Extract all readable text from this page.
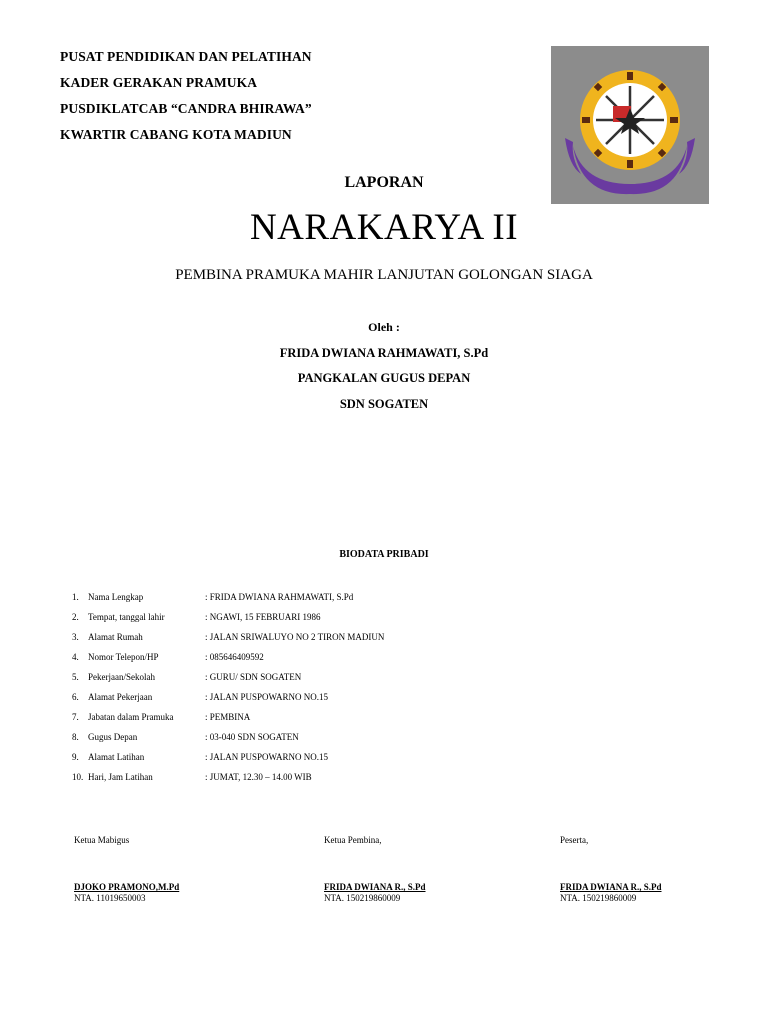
PUSAT PENDIDIKAN DAN PELATIHAN

KADER GERAKAN PRAMUKA

PUSDIKLATCAB “CANDRA BHIRAWA”

KWARTIR CABANG KOTA MADIUN

LAPORAN
NARAKARYA II
PEMBINA PRAMUKA MAHIR LANJUTAN GOLONGAN SIAGA
Oleh :
FRIDA DWIANA RAHMAWATI, S.Pd
PANGKALAN GUGUS DEPAN
SDN SOGATEN
BIODATA PRIBADI
1.	Nama Lengkap	: FRIDA DWIANA RAHMAWATI, S.Pd
2.	Tempat, tanggal lahir	: NGAWI, 15 FEBRUARI 1986
3.	Alamat Rumah	: JALAN SRIWALUYO NO 2 TIRON MADIUN
4.	Nomor Telepon/HP	: 085646409592
5.	Pekerjaan/Sekolah	: GURU/ SDN SOGATEN
6.	Alamat Pekerjaan	: JALAN PUSPOWARNO NO.15
7.	Jabatan dalam Pramuka	: PEMBINA
8.	Gugus Depan	: 03-040 SDN SOGATEN
9.	Alamat Latihan	: JALAN PUSPOWARNO NO.15
10. Hari, Jam Latihan	: JUMAT, 12.30 – 14.00 WIB
Ketua Mabigus
DJOKO PRAMONO,M.Pd
NTA. 11019650003
Ketua Pembina,
FRIDA DWIANA R., S.Pd
NTA. 150219860009
Peserta,
FRIDA DWIANA R., S.Pd
NTA. 150219860009
